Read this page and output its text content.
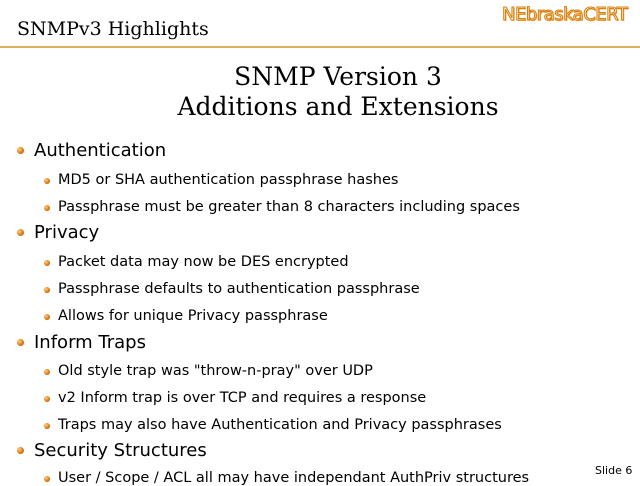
SNMPv3 Highlights
NEbraskaCERT
SNMP Version 3
Additions and Extensions
Authentication
MD5 or SHA authentication passphrase hashes
Passphrase must be greater than 8 characters including spaces
Privacy
Packet data may now be DES encrypted
Passphrase defaults to authentication passphrase
Allows for unique Privacy passphrase
Inform Traps
Old style trap was "throw-n-pray" over UDP
v2 Inform trap is over TCP and requires a response
Traps may also have Authentication and Privacy passphrases
Security Structures
User / Scope / ACL all may have independant AuthPriv structures	Slide 6
